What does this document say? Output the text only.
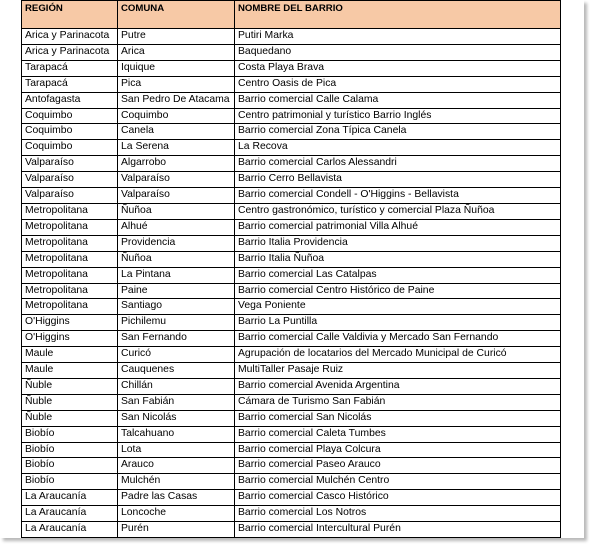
REGIÓN	COMUNA	NOMBRE DEL BARRIO
Arica y Parinacota	Putre	Putiri Marka
Arica y Parinacota	Arica	Baquedano
Tarapacá	Iquique	Costa Playa Brava
Tarapacá	Pica	Centro Oasis de Pica
Antofagasta	San Pedro De Atacama	Barrio comercial Calle Calama
Coquimbo	Coquimbo	Centro patrimonial y turístico Barrio Inglés
Coquimbo	Canela	Barrio comercial Zona Típica Canela
Coquimbo	La Serena	La Recova
Valparaíso	Algarrobo	Barrio comercial Carlos Alessandri
Valparaíso	Valparaíso	Barrio Cerro Bellavista
Valparaíso	Valparaíso	Barrio comercial Condell - O'Higgins - Bellavista
Metropolitana	Ñuñoa	Centro gastronómico, turístico y comercial Plaza Ñuñoa
Metropolitana	Alhué	Barrio comercial patrimonial Villa Alhué
Metropolitana	Providencia	Barrio Italia Providencia
Metropolitana	Ñuñoa	Barrio Italia Ñuñoa
Metropolitana	La Pintana	Barrio comercial Las Catalpas
Metropolitana	Paine	Barrio comercial Centro Histórico de Paine
Metropolitana	Santiago	Vega Poniente
O'Higgins	Pichilemu	Barrio La Puntilla
O'Higgins	San Fernando	Barrio comercial Calle Valdivia y Mercado San Fernando
Maule	Curicó	Agrupación de locatarios del Mercado Municipal de Curicó
Maule	Cauquenes	MultiTaller Pasaje Ruiz
Ñuble	Chillán	Barrio comercial Avenida Argentina
Ñuble	San Fabián	Cámara de Turismo San Fabián
Ñuble	San Nicolás	Barrio comercial San Nicolás
Biobío	Talcahuano	Barrio comercial Caleta Tumbes
Biobío	Lota	Barrio comercial Playa Colcura
Biobío	Arauco	Barrio comercial Paseo Arauco
Biobío	Mulchén	Barrio comercial Mulchén Centro
La Araucanía	Padre las Casas	Barrio comercial Casco Histórico
La Araucanía	Loncoche	Barrio comercial Los Notros
La Araucanía	Purén	Barrio comercial Intercultural Purén
